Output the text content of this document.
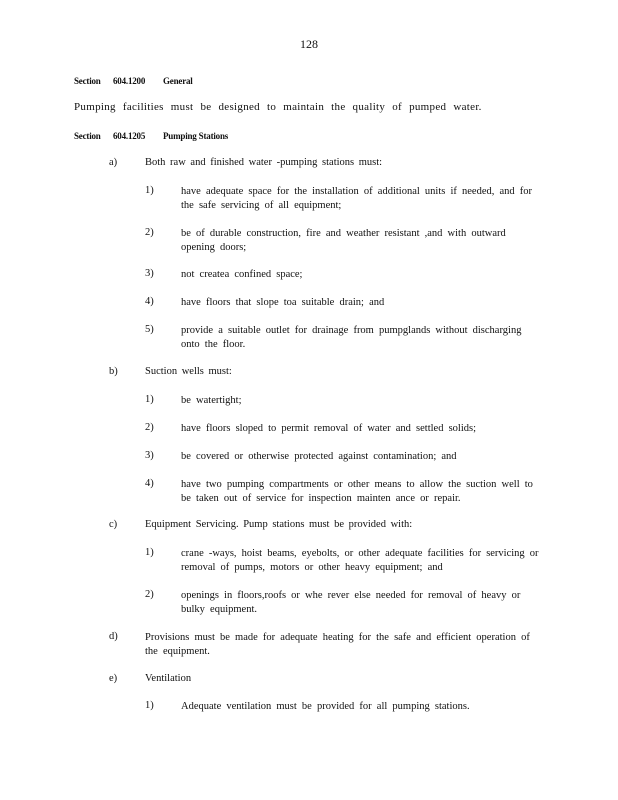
128
Section 604.1200 General
Pumping facilities must be designed to maintain the quality of pumped water.
Section 604.1205 Pumping Stations
a)	Both raw and finished water -pumping stations must:
1)	have adequate space for the installation of additional units if needed, and for the safe servicing of all equipment;
2)	be of durable construction, fire and weather resistant ,and with outward opening doors;
3)	not createa confined space;
4)	have floors that slope toa suitable drain; and
5)	provide a suitable outlet for drainage from pumpglands without discharging onto the floor.
b)	Suction wells must:
1)	be watertight;
2)	have floors sloped to permit removal of water and settled solids;
3)	be covered or otherwise protected against contamination; and
4)	have two pumping compartments or other means to allow the suction well to be taken out of service for inspection mainten ance or repair.
c)	Equipment Servicing. Pump stations must be provided with:
1)	crane -ways, hoist beams, eyebolts, or other adequate facilities for servicing or removal of pumps, motors or other heavy equipment; and
2)	openings in floors,roofs or whe rever else needed for removal of heavy or bulky equipment.
d)	Provisions must be made for adequate heating for the safe and efficient operation of the equipment.
e)	Ventilation
1)	Adequate ventilation must be provided for all pumping stations.
